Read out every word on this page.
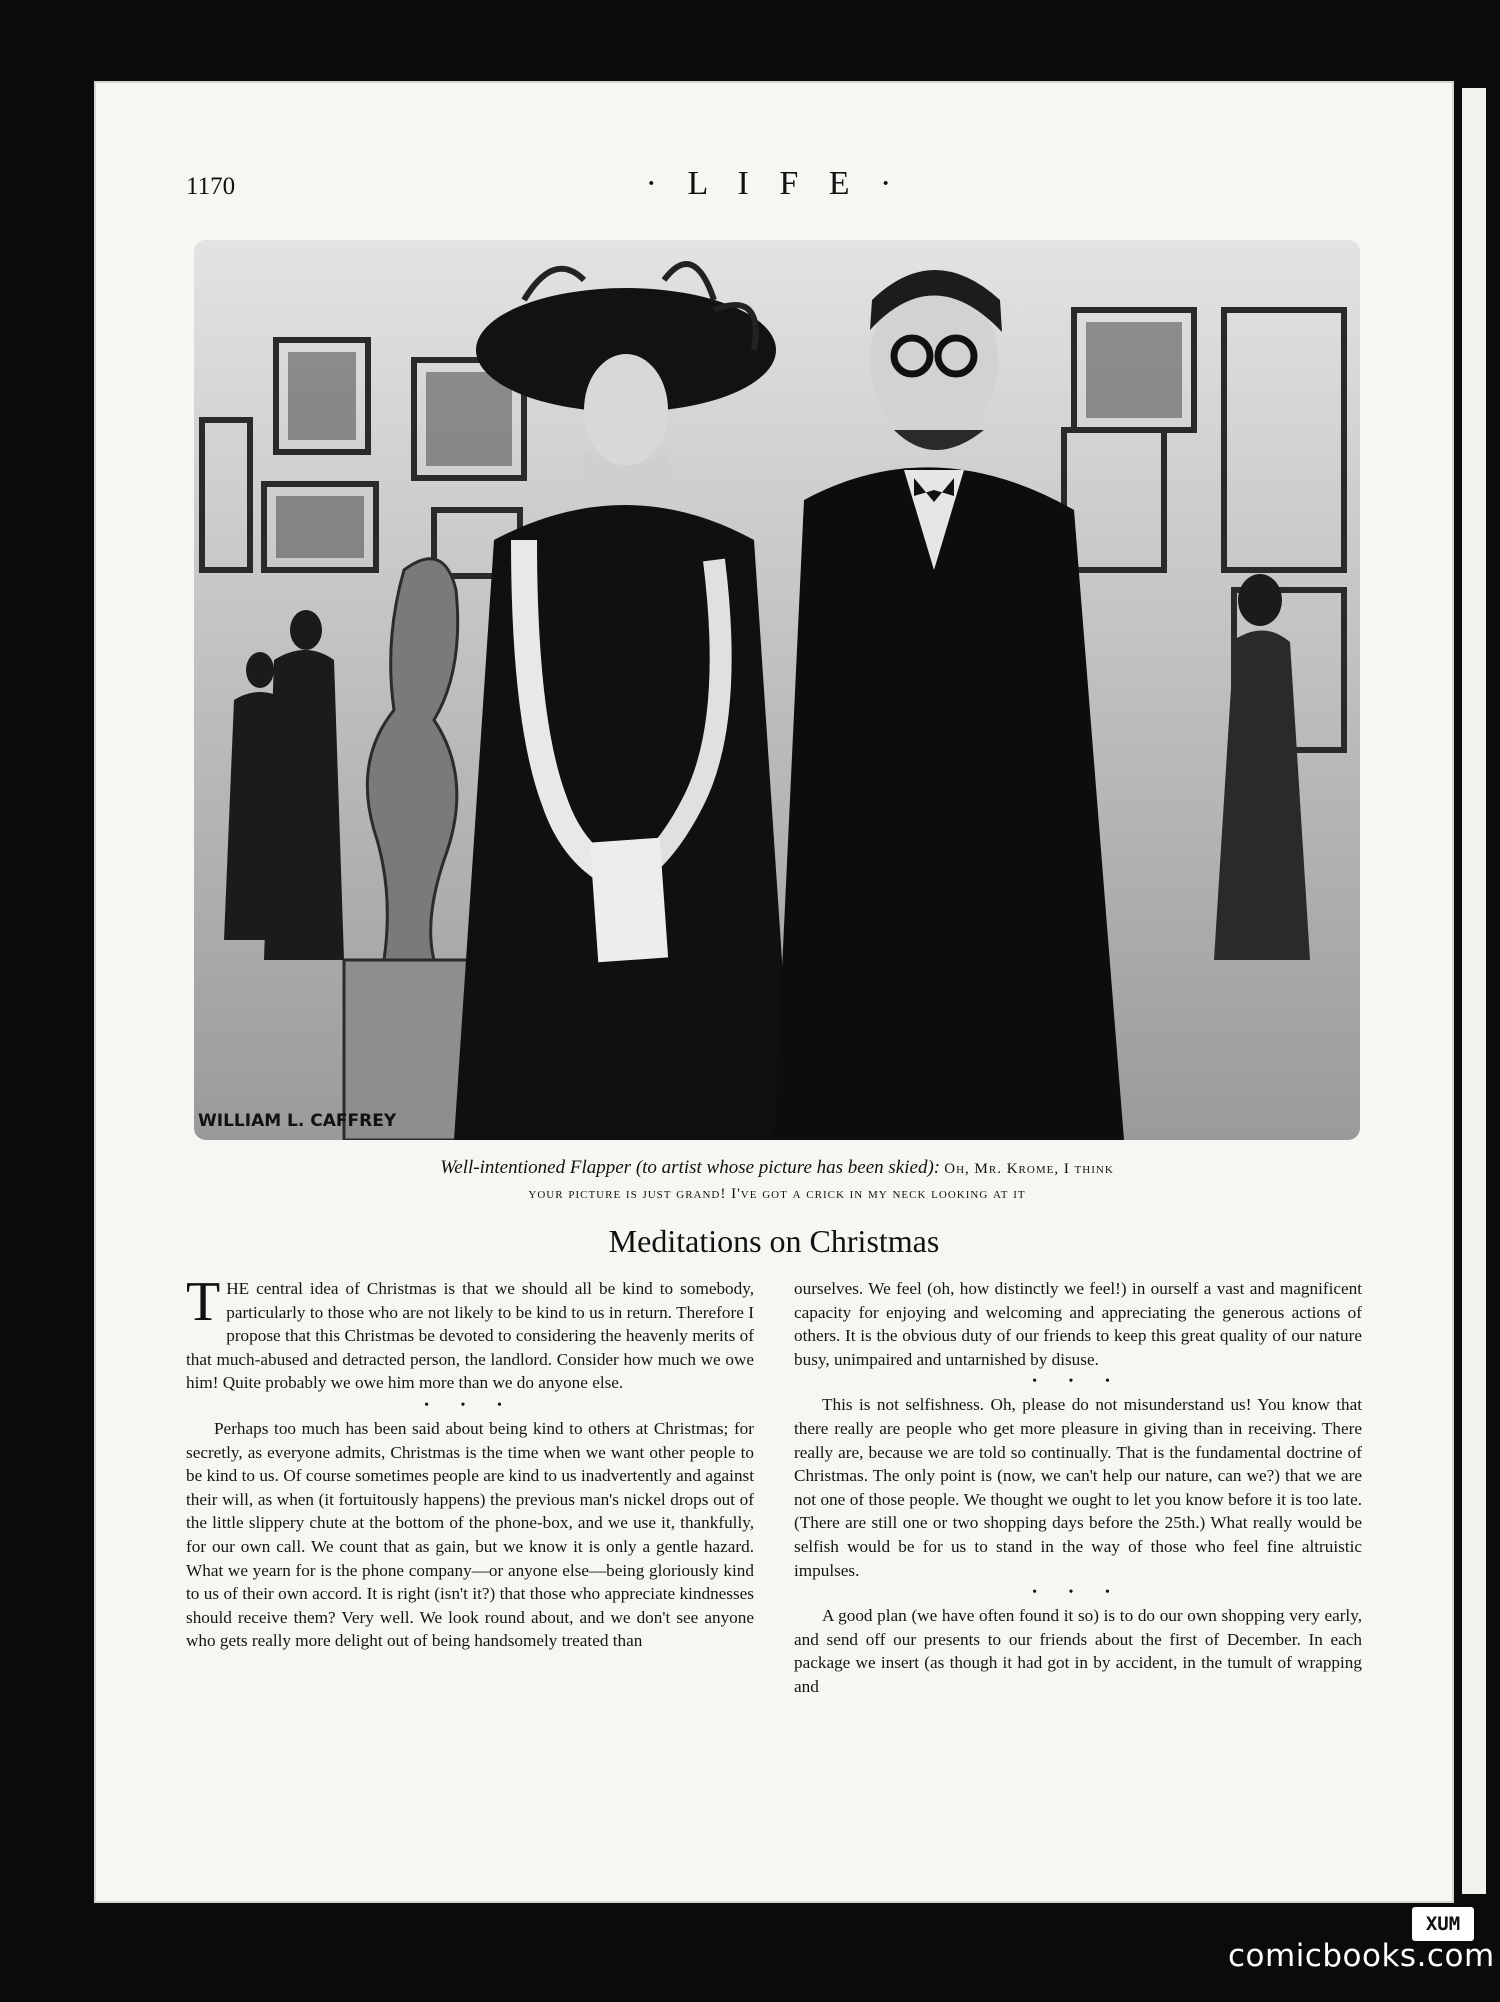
1170	· L I F E ·

WILLIAM L. CAFFREY

Well-intentioned Flapper (to artist whose picture has been skied): Oh, Mr. Krome, I think
your picture is just grand! I've got a crick in my neck looking at it

Meditations on Christmas

THE central idea of Christmas is that we should all be kind to somebody, particularly to those who are not likely to be kind to us in return. Therefore I propose that this Christmas be devoted to considering the heavenly merits of that much-abused and detracted person, the landlord. Consider how much we owe him! Quite probably we owe him more than we do anyone else.

• • •

Perhaps too much has been said about being kind to others at Christmas; for secretly, as everyone admits, Christmas is the time when we want other people to be kind to us. Of course sometimes people are kind to us inadvertently and against their will, as when (it fortuitously happens) the previous man's nickel drops out of the little slippery chute at the bottom of the phone-box, and we use it, thankfully, for our own call. We count that as gain, but we know it is only a gentle hazard. What we yearn for is the phone company—or anyone else—being gloriously kind to us of their own accord. It is right (isn't it?) that those who appreciate kindnesses should receive them? Very well. We look round about, and we don't see anyone who gets really more delight out of being handsomely treated than

ourselves. We feel (oh, how distinctly we feel!) in ourself a vast and magnificent capacity for enjoying and welcoming and appreciating the generous actions of others. It is the obvious duty of our friends to keep this great quality of our nature busy, unimpaired and untarnished by disuse.

• • •

This is not selfishness. Oh, please do not misunderstand us! You know that there really are people who get more pleasure in giving than in receiving. There really are, because we are told so continually. That is the fundamental doctrine of Christmas. The only point is (now, we can't help our nature, can we?) that we are not one of those people. We thought we ought to let you know before it is too late. (There are still one or two shopping days before the 25th.) What really would be selfish would be for us to stand in the way of those who feel fine altruistic impulses.

• • •

A good plan (we have often found it so) is to do our own shopping very early, and send off our presents to our friends about the first of December. In each package we insert (as though it had got in by accident, in the tumult of wrapping and

XUM
comicbooks.com
